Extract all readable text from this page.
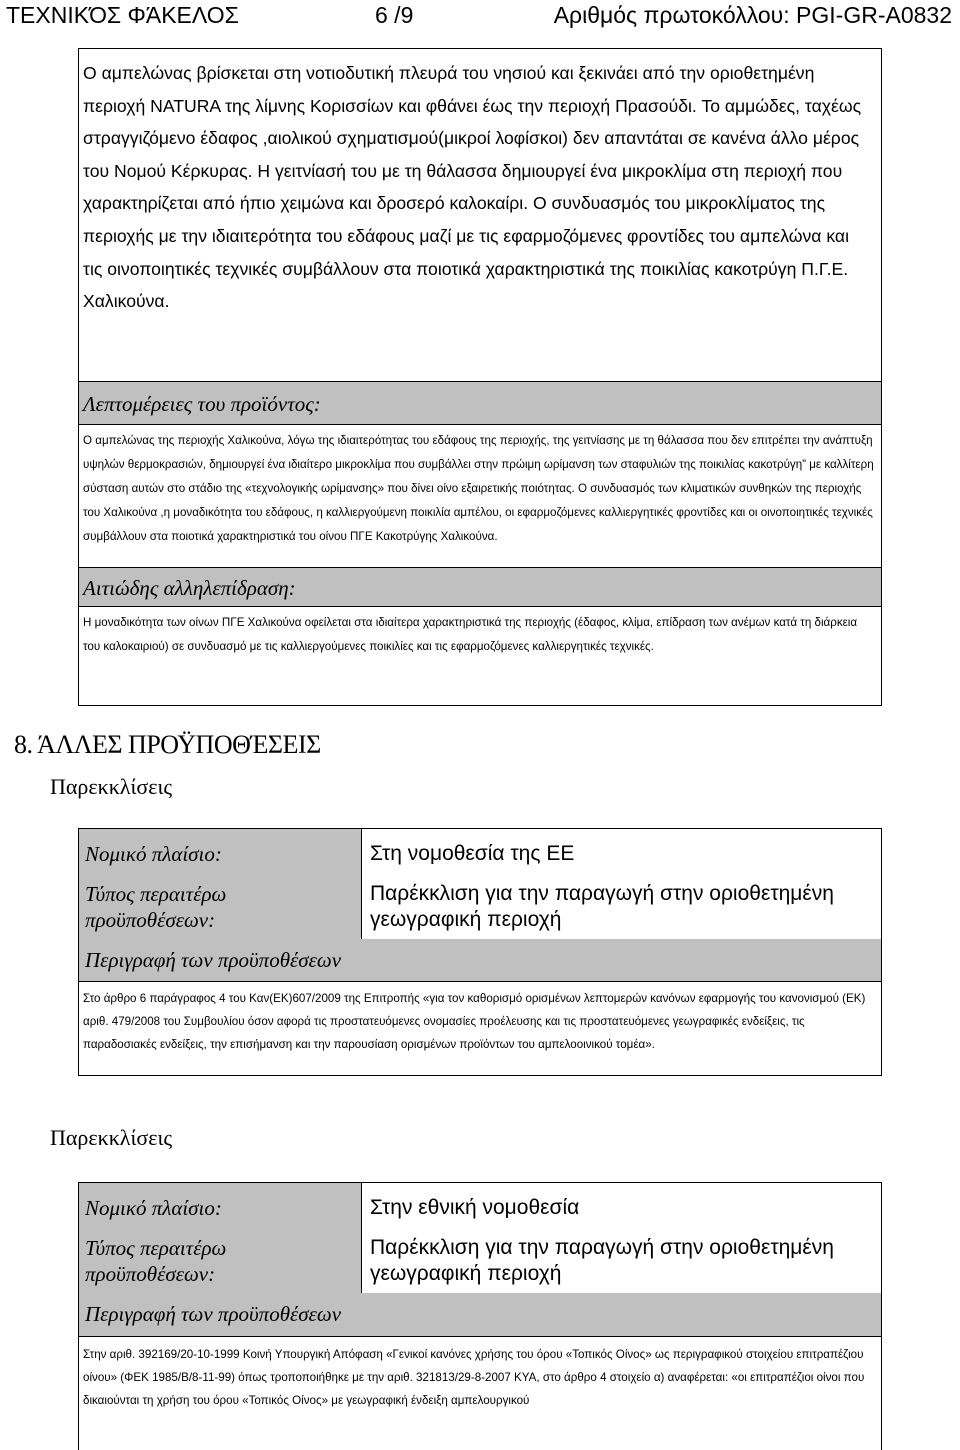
ΤΕΧΝΙΚΌΣ ΦΆΚΕΛΟΣ	6 /9	Αριθμός πρωτοκόλλου: PGI-GR-A0832

Ο αμπελώνας βρίσκεται στη νοτιοδυτική πλευρά του νησιού και ξεκινάει από την οριοθετημένη περιοχή NATURA της λίμνης Κορισσίων και φθάνει έως την περιοχή Πρασούδι. Το αμμώδες, ταχέως στραγγιζόμενο έδαφος ,αιολικού σχηματισμού(μικροί λοφίσκοι) δεν απαντάται σε κανένα άλλο μέρος του Νομού Κέρκυρας. Η γειτνίασή του με τη θάλασσα δημιουργεί ένα μικροκλίμα στη περιοχή που χαρακτηρίζεται από ήπιο χειμώνα και δροσερό καλοκαίρι. Ο συνδυασμός του μικροκλίματος της περιοχής με την ιδιαιτερότητα του εδάφους μαζί με τις εφαρμοζόμενες φροντίδες του αμπελώνα και τις οινοποιητικές τεχνικές συμβάλλουν στα ποιοτικά χαρακτηριστικά της ποικιλίας κακοτρύγη Π.Γ.Ε. Χαλικούνα.

Λεπτομέρειες του προϊόντος:

Ο αμπελώνας της περιοχής Χαλικούνα, λόγω της ιδιαιτερότητας του εδάφους της περιοχής, της γειτνίασης με τη θάλασσα που δεν επιτρέπει την ανάπτυξη υψηλών θερμοκρασιών, δημιουργεί ένα ιδιαίτερο μικροκλίμα που συμβάλλει στην πρώιμη ωρίμανση των σταφυλιών της ποικιλίας κακοτρύγη” με καλλίτερη σύσταση αυτών στο στάδιο της «τεχνολογικής ωρίμανσης» που δίνει οίνο εξαιρετικής ποιότητας. Ο συνδυασμός των κλιματικών συνθηκών της περιοχής του Χαλικούνα ,η μοναδικότητα του εδάφους, η καλλιεργούμενη ποικιλία αμπέλου, οι εφαρμοζόμενες καλλιεργητικές φροντίδες και οι οινοποιητικές τεχνικές συμβάλλουν στα ποιοτικά χαρακτηριστικά του οίνου ΠΓΕ Κακοτρύγης Χαλικούνα.

Αιτιώδης αλληλεπίδραση:

Η μοναδικότητα των οίνων ΠΓΕ Χαλικούνα οφείλεται στα ιδιαίτερα χαρακτηριστικά της περιοχής (έδαφος, κλίμα, επίδραση των ανέμων κατά τη διάρκεια του καλοκαιριού) σε συνδυασμό με τις καλλιεργούμενες ποικιλίες και τις εφαρμοζόμενες καλλιεργητικές τεχνικές.

8. ΆΛΛΕΣ ΠΡΟΫΠΟΘΈΣΕΙΣ
Παρεκκλίσεις
Νομικό πλαίσιο:
Τύπος περαιτέρω προϋποθέσεων:
Περιγραφή των προϋποθέσεων
Στη νομοθεσία της ΕΕ
Παρέκκλιση για την παραγωγή στην οριοθετημένη γεωγραφική περιοχή

Στο άρθρο 6 παράγραφος 4 του Καν(ΕΚ)607/2009 της Επιτροπής «για τον καθορισμό ορισμένων λεπτομερών κανόνων εφαρμογής του κανονισμού (ΕΚ) αριθ. 479/2008 του Συμβουλίου όσον αφορά τις προστατευόμενες ονομασίες προέλευσης και τις προστατευόμενες γεωγραφικές ενδείξεις, τις παραδοσιακές ενδείξεις, την επισήμανση και την παρουσίαση ορισμένων προϊόντων του αμπελοοινικού τομέα».

Παρεκκλίσεις
Νομικό πλαίσιο:
Τύπος περαιτέρω προϋποθέσεων:
Περιγραφή των προϋποθέσεων
Στην εθνική νομοθεσία
Παρέκκλιση για την παραγωγή στην οριοθετημένη γεωγραφική περιοχή

Στην αριθ. 392169/20-10-1999 Κοινή Υπουργική Απόφαση «Γενικοί κανόνες χρήσης του όρου «Τοπικός Οίνος» ως περιγραφικού στοιχείου επιτραπέζιου οίνου» (ΦΕΚ 1985/Β/8-11-99) όπως τροποποιήθηκε με την αριθ. 321813/29-8-2007 ΚΥΑ, στο άρθρο 4 στοιχείο α) αναφέρεται: «οι επιτραπέζιοι οίνοι που δικαιούνται τη χρήση του όρου «Τοπικός Οίνος» με γεωγραφική ένδειξη αμπελουργικού
